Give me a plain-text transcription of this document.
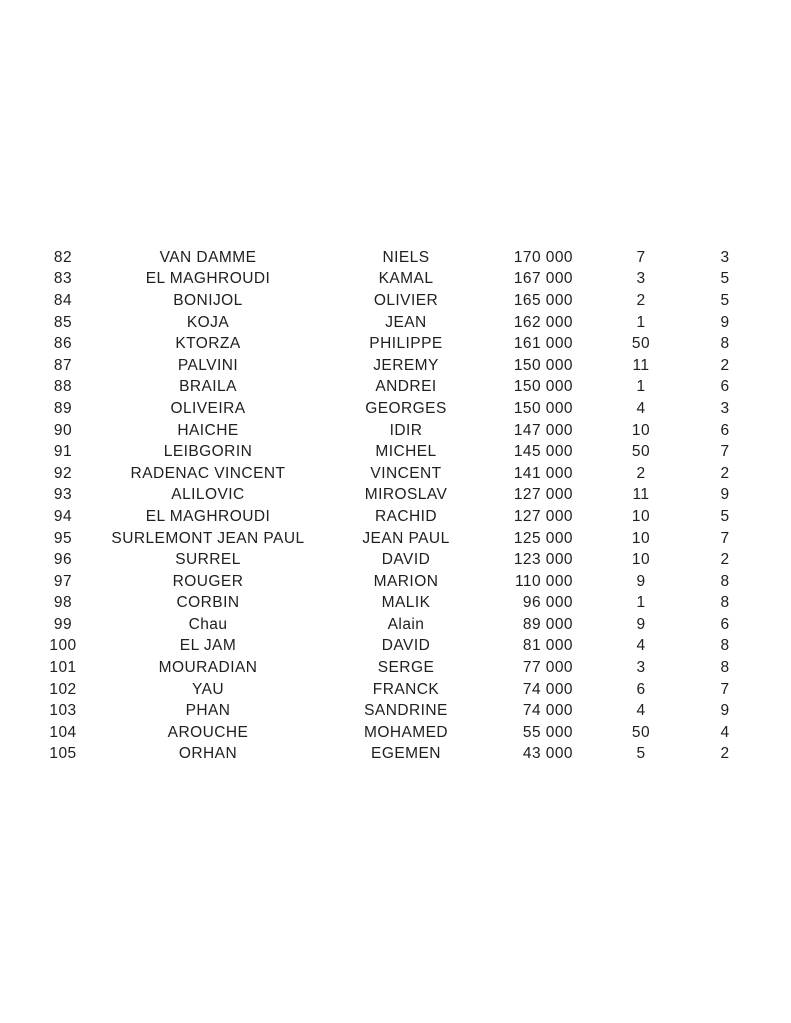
82	VAN DAMME	NIELS	170 000	7	3
83	EL MAGHROUDI	KAMAL	167 000	3	5
84	BONIJOL	OLIVIER	165 000	2	5
85	KOJA	JEAN	162 000	1	9
86	KTORZA	PHILIPPE	161 000	50	8
87	PALVINI	JEREMY	150 000	11	2
88	BRAILA	ANDREI	150 000	1	6
89	OLIVEIRA	GEORGES	150 000	4	3
90	HAICHE	IDIR	147 000	10	6
91	LEIBGORIN	MICHEL	145 000	50	7
92	RADENAC VINCENT	VINCENT	141 000	2	2
93	ALILOVIC	MIROSLAV	127 000	11	9
94	EL MAGHROUDI	RACHID	127 000	10	5
95	SURLEMONT JEAN PAUL	JEAN PAUL	125 000	10	7
96	SURREL	DAVID	123 000	10	2
97	ROUGER	MARION	110 000	9	8
98	CORBIN	MALIK	96 000	1	8
99	Chau	Alain	89 000	9	6
100	EL JAM	DAVID	81 000	4	8
101	MOURADIAN	SERGE	77 000	3	8
102	YAU	FRANCK	74 000	6	7
103	PHAN	SANDRINE	74 000	4	9
104	AROUCHE	MOHAMED	55 000	50	4
105	ORHAN	EGEMEN	43 000	5	2
